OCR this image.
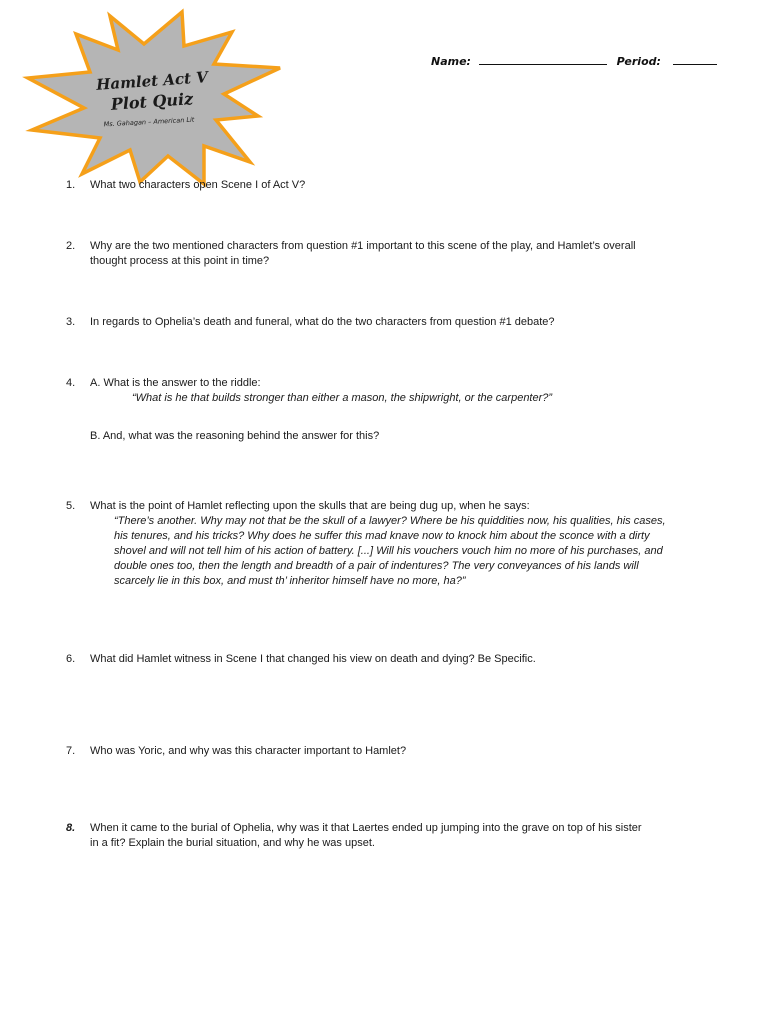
Hamlet Act V
Plot Quiz
Ms. Gahagan – American Lit
Name:	Period:
1.	What two characters open Scene I of Act V?
2.	Why are the two mentioned characters from question #1 important to this scene of the play, and Hamlet’s overall
thought process at this point in time?
3.	In regards to Ophelia’s death and funeral, what do the two characters from question #1 debate?
4.	A. What is the answer to the riddle:
“What is he that builds stronger than either a mason, the shipwright, or the carpenter?”
B. And, what was the reasoning behind the answer for this?
5.	What is the point of Hamlet reflecting upon the skulls that are being dug up, when he says:
“There’s another. Why may not that be the skull of a lawyer? Where be his quiddities now, his qualities, his cases,
his tenures, and his tricks? Why does he suffer this mad knave now to knock him about the sconce with a dirty
shovel and will not tell him of his action of battery. [...] Will his vouchers vouch him no more of his purchases, and
double ones too, then the length and breadth of a pair of indentures? The very conveyances of his lands will
scarcely lie in this box, and must th’ inheritor himself have no more, ha?”
6.	What did Hamlet witness in Scene I that changed his view on death and dying? Be Specific.
7.	Who was Yoric, and why was this character important to Hamlet?
8.	When it came to the burial of Ophelia, why was it that Laertes ended up jumping into the grave on top of his sister
in a fit? Explain the burial situation, and why he was upset.
